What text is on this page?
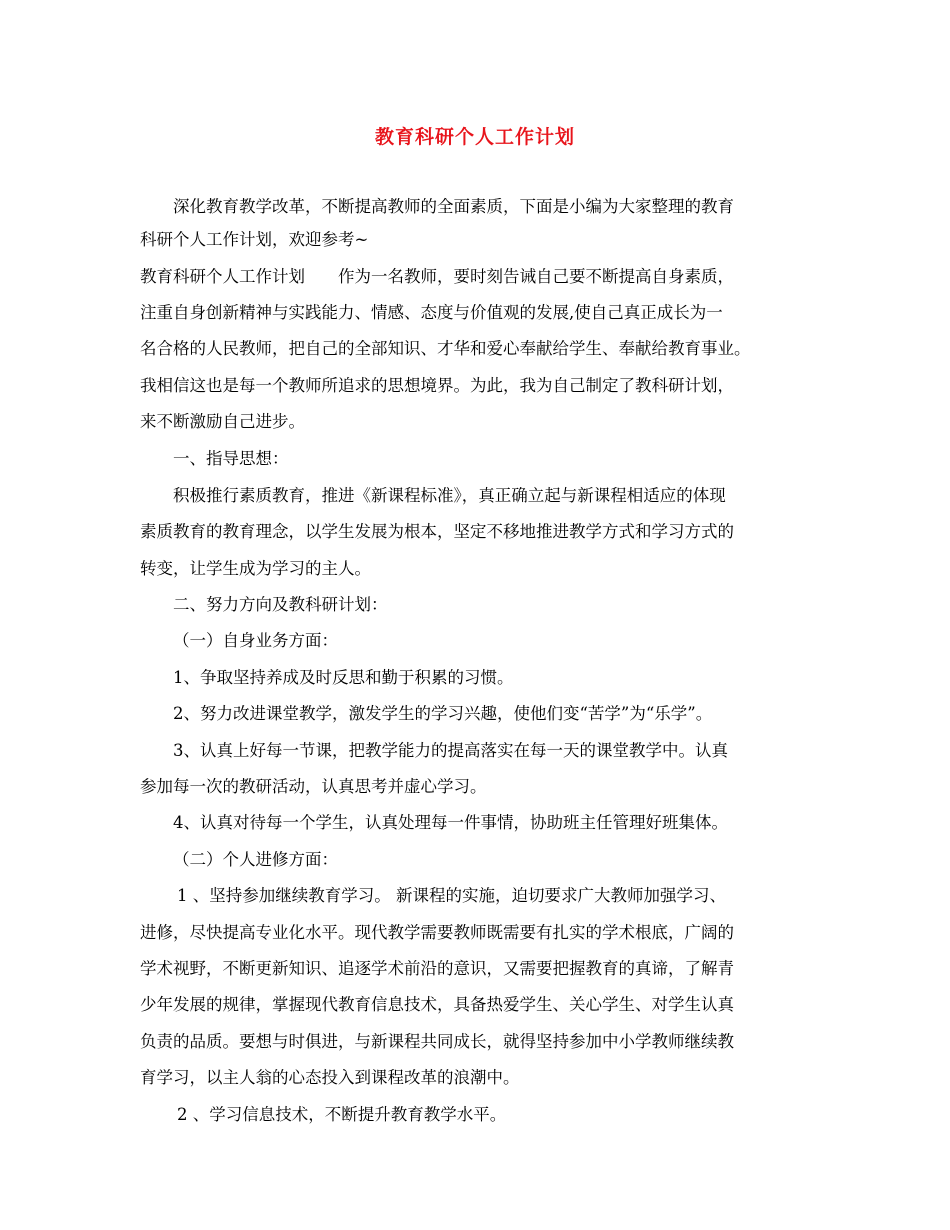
教育科研个人工作计划
深化教育教学改革，不断提高教师的全面素质，下面是小编为大家整理的教育
科研个人工作计划，欢迎参考~
教育科研个人工作计划　　作为一名教师，要时刻告诫自己要不断提高自身素质，
注重自身创新精神与实践能力、情感、态度与价值观的发展,使自己真正成长为一
名合格的人民教师，把自己的全部知识、才华和爱心奉献给学生、奉献给教育事业。
我相信这也是每一个教师所追求的思想境界。为此，我为自己制定了教科研计划，
来不断激励自己进步。
一、指导思想：
积极推行素质教育，推进《新课程标准》，真正确立起与新课程相适应的体现
素质教育的教育理念，以学生发展为根本，坚定不移地推进教学方式和学习方式的
转变，让学生成为学习的主人。
二、努力方向及教科研计划：
（一）自身业务方面：
1、争取坚持养成及时反思和勤于积累的习惯。
2、努力改进课堂教学，激发学生的学习兴趣，使他们变“苦学”为“乐学”。
3、认真上好每一节课，把教学能力的提高落实在每一天的课堂教学中。认真
参加每一次的教研活动，认真思考并虚心学习。
4、认真对待每一个学生，认真处理每一件事情，协助班主任管理好班集体。
（二）个人进修方面：
1 、坚持参加继续教育学习。 新课程的实施，迫切要求广大教师加强学习、
进修，尽快提高专业化水平。现代教学需要教师既需要有扎实的学术根底，广阔的
学术视野，不断更新知识、追逐学术前沿的意识，又需要把握教育的真谛，了解青
少年发展的规律，掌握现代教育信息技术，具备热爱学生、关心学生、对学生认真
负责的品质。要想与时俱进，与新课程共同成长，就得坚持参加中小学教师继续教
育学习，以主人翁的心态投入到课程改革的浪潮中。
2 、学习信息技术，不断提升教育教学水平。
